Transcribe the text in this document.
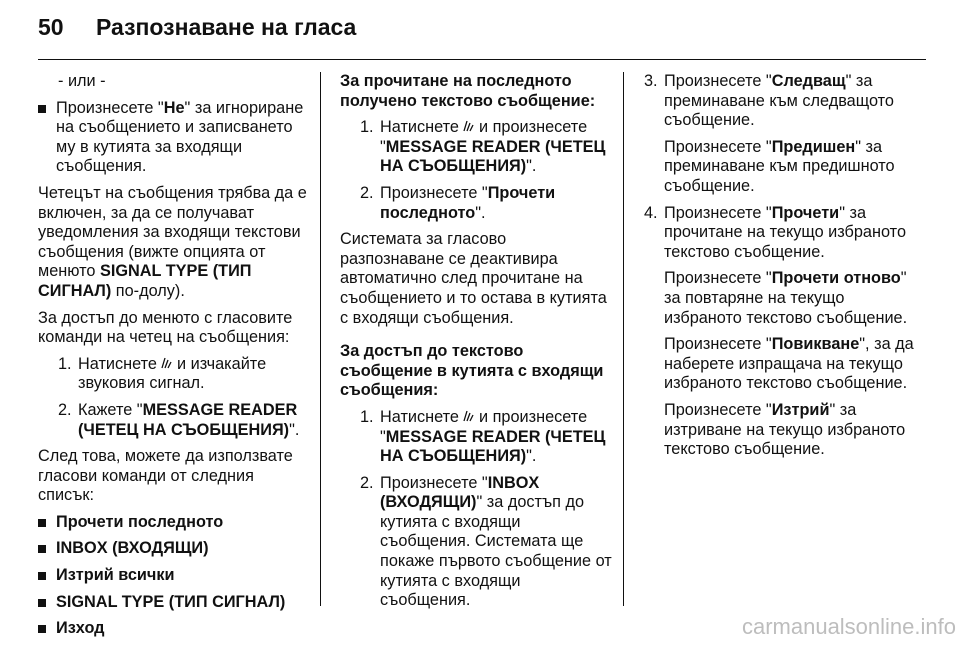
50	Разпознаване на гласа

- или -

Произнесете "Не" за игнориране на съобщението и записването му в кутията за входящи съобщения.

Четецът на съобщения трябва да е включен, за да се получават уведомления за входящи текстови съобщения (вижте опцията от менюто SIGNAL TYPE (ТИП СИГНАЛ) по-долу).

За достъп до менюто с гласовите команди на четец на съобщения:

1. Натиснете и изчакайте звуковия сигнал.
2. Кажете "MESSAGE READER (ЧЕТЕЦ НА СЪОБЩЕНИЯ)".

След това, можете да използвате гласови команди от следния списък:

Прочети последното
INBOX (ВХОДЯЩИ)
Изтрий всички
SIGNAL TYPE (ТИП СИГНАЛ)
Изход

За прочитане на последното получено текстово съобщение:

1. Натиснете и произнесете "MESSAGE READER (ЧЕТЕЦ НА СЪОБЩЕНИЯ)".
2. Произнесете "Прочети последното".

Системата за гласово разпознаване се деактивира автоматично след прочитане на съобщението и то остава в кутията с входящи съобщения.

За достъп до текстово съобщение в кутията с входящи съобщения:

1. Натиснете и произнесете "MESSAGE READER (ЧЕТЕЦ НА СЪОБЩЕНИЯ)".
2. Произнесете "INBOX (ВХОДЯЩИ)" за достъп до кутията с входящи съобщения. Системата ще покаже първото съобщение от кутията с входящи съобщения.
3. Произнесете "Следващ" за преминаване към следващото съобщение.

Произнесете "Предишен" за преминаване към предишното съобщение.

4. Произнесете "Прочети" за прочитане на текущо избраното текстово съобщение.

Произнесете "Прочети отново" за повтаряне на текущо избраното текстово съобщение.

Произнесете "Повикване", за да наберете изпращача на текущо избраното текстово съобщение.

Произнесете "Изтрий" за изтриване на текущо избраното текстово съобщение.

carmanualsonline.info
